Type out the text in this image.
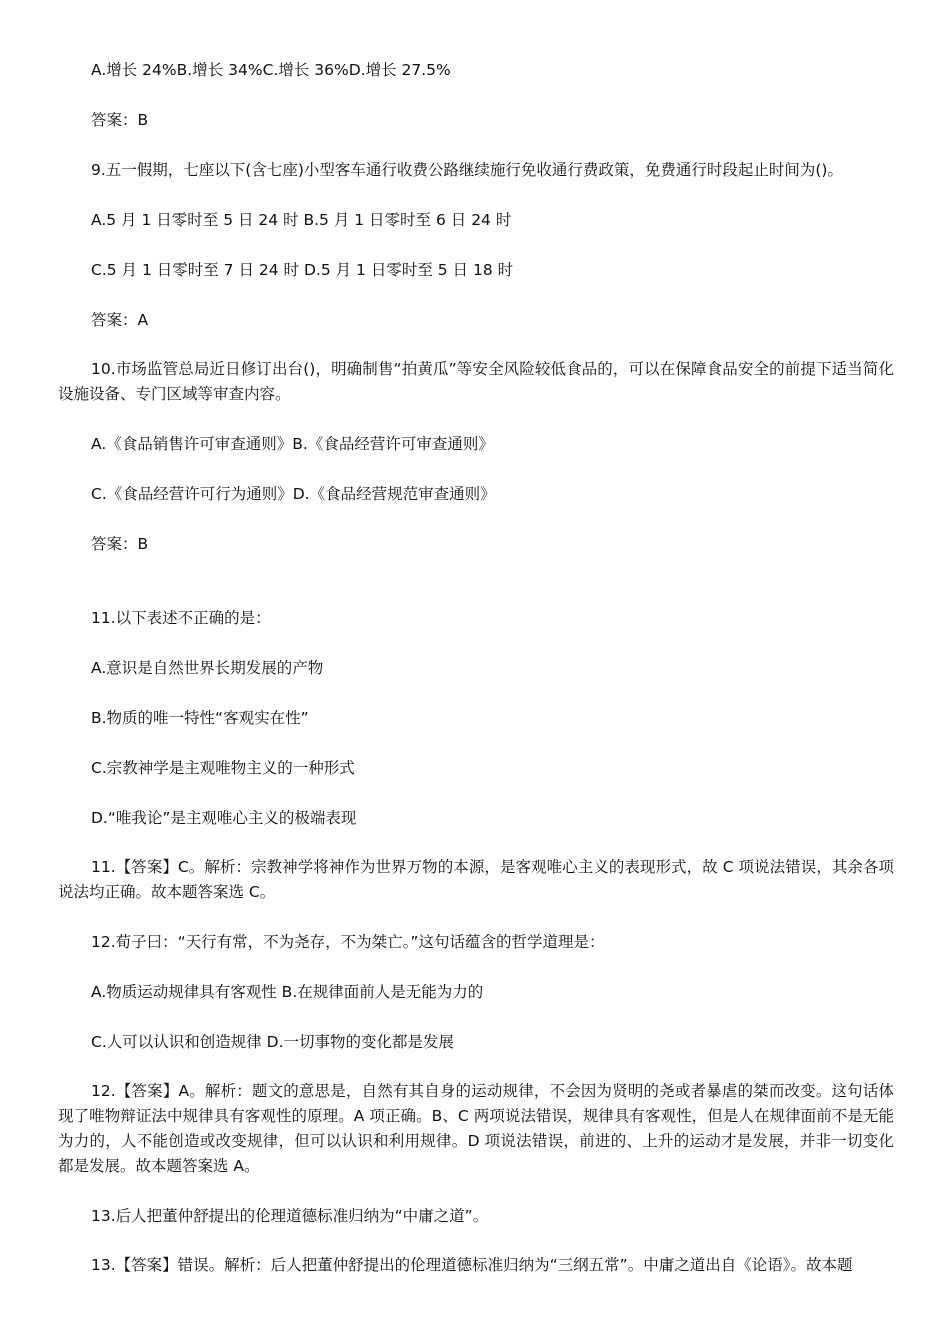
A.增长 24%B.增长 34%C.增长 36%D.增长 27.5%
答案：B
9.五一假期，七座以下(含七座)小型客车通行收费公路继续施行免收通行费政策，免费通行时段起止时间为()。
A.5 月 1 日零时至 5 日 24 时 B.5 月 1 日零时至 6 日 24 时
C.5 月 1 日零时至 7 日 24 时 D.5 月 1 日零时至 5 日 18 时
答案：A
10.市场监管总局近日修订出台()，明确制售“拍黄瓜”等安全风险较低食品的，可以在保障食品安全的前提下适当简化设施设备、专门区域等审查内容。
A.《食品销售许可审查通则》B.《食品经营许可审查通则》
C.《食品经营许可行为通则》D.《食品经营规范审查通则》
答案：B
11.以下表述不正确的是：
A.意识是自然世界长期发展的产物
B.物质的唯一特性“客观实在性”
C.宗教神学是主观唯物主义的一种形式
D.“唯我论”是主观唯心主义的极端表现
11.【答案】C。解析：宗教神学将神作为世界万物的本源，是客观唯心主义的表现形式，故 C 项说法错误，其余各项说法均正确。故本题答案选 C。
12.荀子曰：“天行有常，不为尧存，不为桀亡。”这句话蕴含的哲学道理是：
A.物质运动规律具有客观性 B.在规律面前人是无能为力的
C.人可以认识和创造规律 D.一切事物的变化都是发展
12.【答案】A。解析：题文的意思是，自然有其自身的运动规律，不会因为贤明的尧或者暴虐的桀而改变。这句话体现了唯物辩证法中规律具有客观性的原理。A 项正确。B、C 两项说法错误，规律具有客观性，但是人在规律面前不是无能为力的，人不能创造或改变规律，但可以认识和利用规律。D 项说法错误，前进的、上升的运动才是发展，并非一切变化都是发展。故本题答案选 A。
13.后人把董仲舒提出的伦理道德标准归纳为“中庸之道”。
13.【答案】错误。解析：后人把董仲舒提出的伦理道德标准归纳为“三纲五常”。中庸之道出自《论语》。故本题
